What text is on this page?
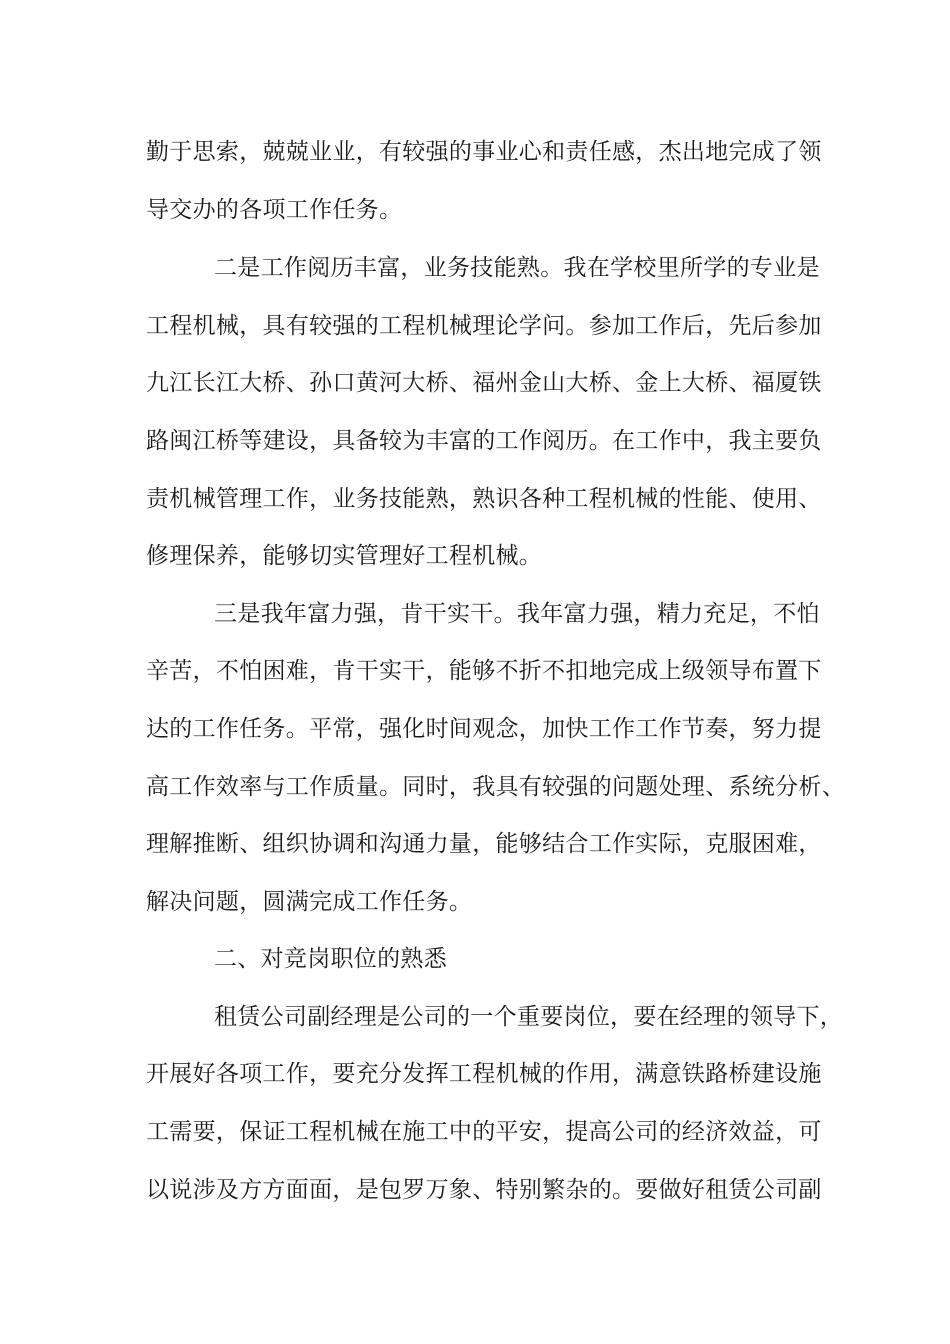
勤于思索，兢兢业业，有较强的事业心和责任感，杰出地完成了领
导交办的各项工作任务。
二是工作阅历丰富，业务技能熟。我在学校里所学的专业是
工程机械，具有较强的工程机械理论学问。参加工作后，先后参加
九江长江大桥、孙口黄河大桥、福州金山大桥、金上大桥、福厦铁
路闽江桥等建设，具备较为丰富的工作阅历。在工作中，我主要负
责机械管理工作，业务技能熟，熟识各种工程机械的性能、使用、
修理保养，能够切实管理好工程机械。
三是我年富力强，肯干实干。我年富力强，精力充足，不怕
辛苦，不怕困难，肯干实干，能够不折不扣地完成上级领导布置下
达的工作任务。平常，强化时间观念，加快工作工作节奏，努力提
高工作效率与工作质量。同时，我具有较强的问题处理、系统分析、
理解推断、组织协调和沟通力量，能够结合工作实际，克服困难，
解决问题，圆满完成工作任务。
二、对竞岗职位的熟悉
租赁公司副经理是公司的一个重要岗位，要在经理的领导下，
开展好各项工作，要充分发挥工程机械的作用，满意铁路桥建设施
工需要，保证工程机械在施工中的平安，提高公司的经济效益，可
以说涉及方方面面，是包罗万象、特别繁杂的。要做好租赁公司副
